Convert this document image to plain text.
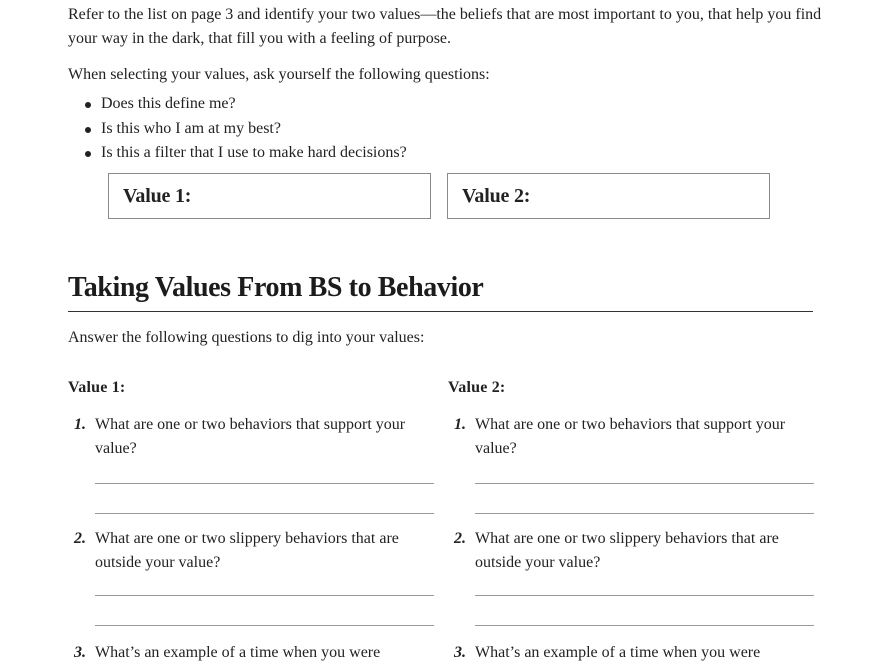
Refer to the list on page 3 and identify your two values—the beliefs that are most important to you, that help you find your way in the dark, that fill you with a feeling of purpose.

When selecting your values, ask yourself the following questions:

Does this define me?
Is this who I am at my best?
Is this a filter that I use to make hard decisions?
Value 1:	Value 2:
Taking Values From BS to Behavior

Answer the following questions to dig into your values:

Value 1:

1. What are one or two behaviors that support your value?
2. What are one or two slippery behaviors that are outside your value?
3. What’s an example of a time when you were

Value 2:

1. What are one or two behaviors that support your value?
2. What are one or two slippery behaviors that are outside your value?
3. What’s an example of a time when you were
